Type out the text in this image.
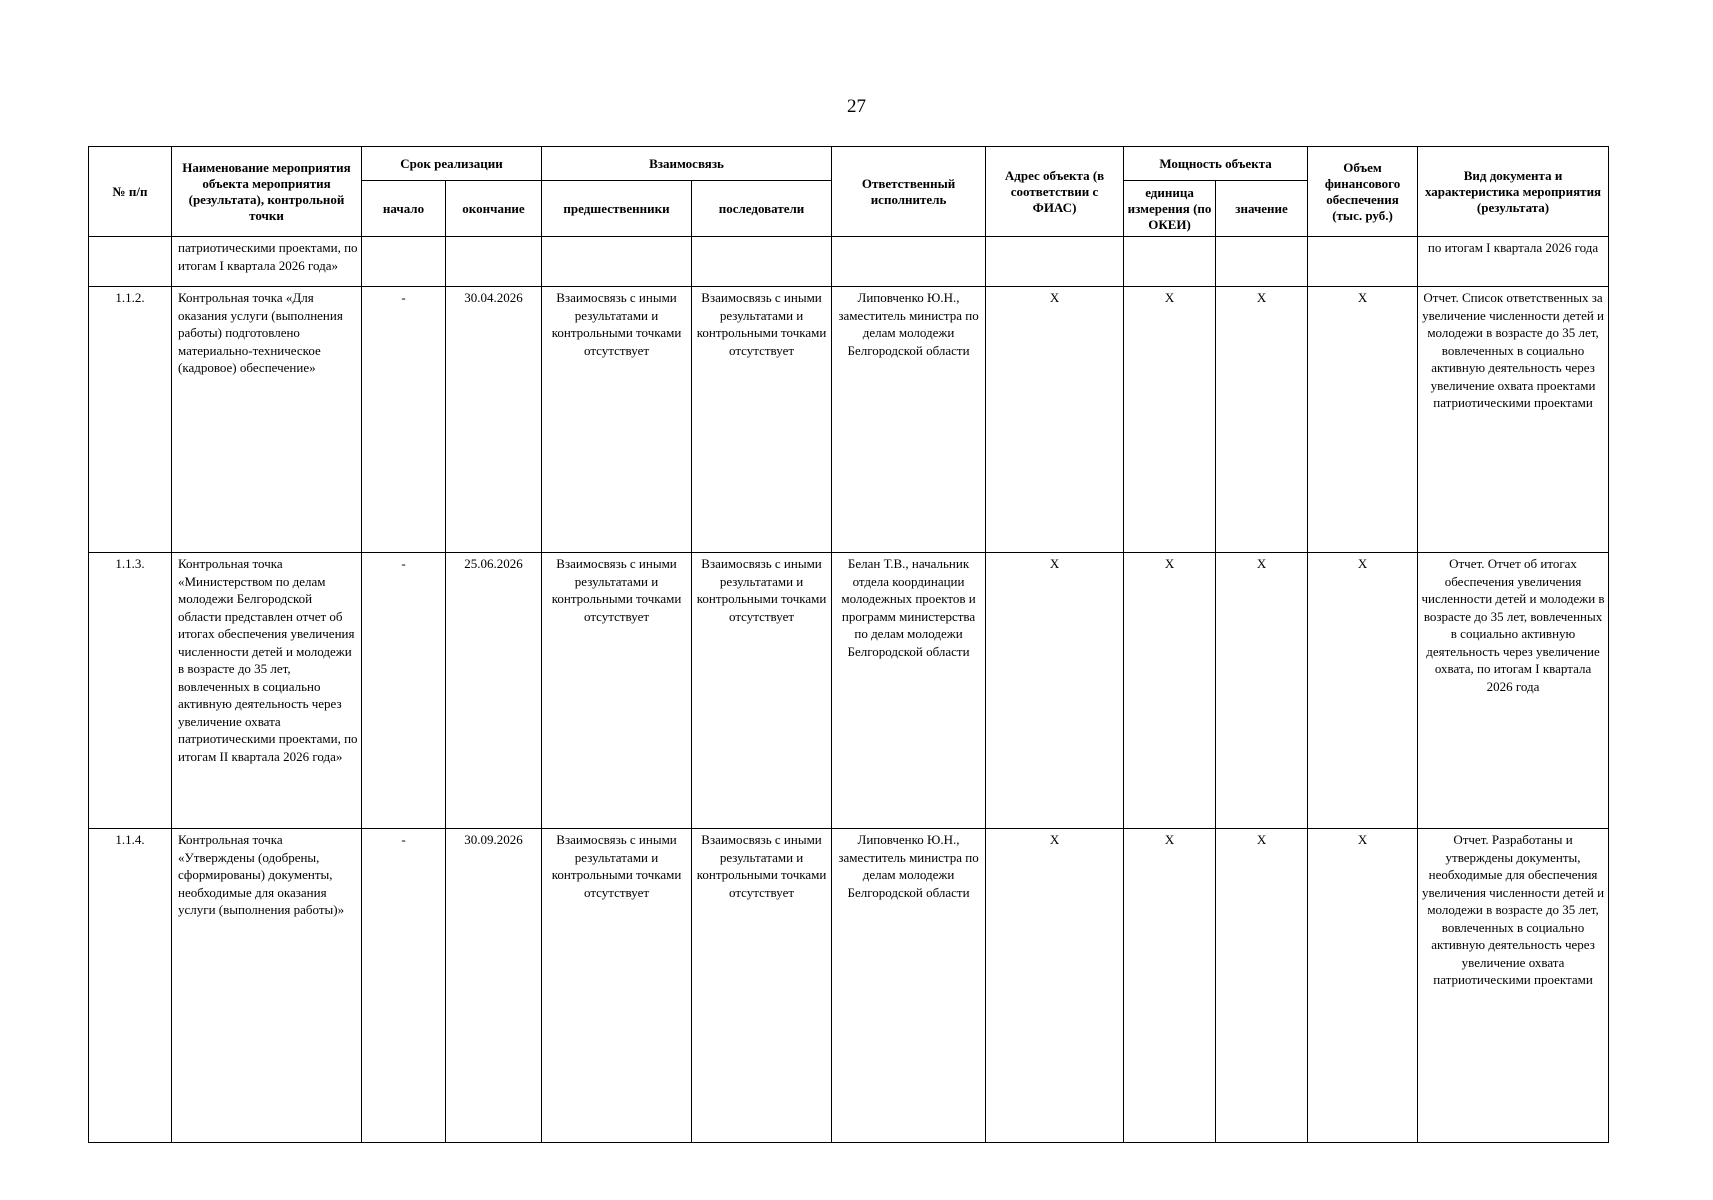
27
№ п/п	Наименование мероприятия объекта мероприятия (результата), контрольной точки	Срок реализации		Взаимосвязь		Ответственный исполнитель	Адрес объекта (в соответствии с ФИАС)	Мощность объекта		Объем финансового обеспечения (тыс. руб.)	Вид документа и характеристика мероприятия (результата)
		начало	окончание	предшественники	последователи			единица измерения (по ОКЕИ)	значение		
	патриотическими проектами, по итогам I квартала 2026 года»										по итогам I квартала 2026 года
1.1.2.	Контрольная точка «Для оказания услуги (выполнения работы) подготовлено материально-техническое (кадровое) обеспечение»	-	30.04.2026	Взаимосвязь с иными результатами и контрольными точками отсутствует	Взаимосвязь с иными результатами и контрольными точками отсутствует	Липовченко Ю.Н., заместитель министра по делам молодежи Белгородской области	X	X	X	X	Отчет. Список ответственных за увеличение численности детей и молодежи в возрасте до 35 лет, вовлеченных в социально активную деятельность через увеличение охвата проектами патриотическими проектами
1.1.3.	Контрольная точка «Министерством по делам молодежи Белгородской области представлен отчет об итогах обеспечения увеличения численности детей и молодежи в возрасте до 35 лет, вовлеченных в социально активную деятельность через увеличение охвата патриотическими проектами, по итогам II квартала 2026 года»	-	25.06.2026	Взаимосвязь с иными результатами и контрольными точками отсутствует	Взаимосвязь с иными результатами и контрольными точками отсутствует	Белан Т.В., начальник отдела координации молодежных проектов и программ министерства по делам молодежи Белгородской области	X	X	X	X	Отчет. Отчет об итогах обеспечения увеличения численности детей и молодежи в возрасте до 35 лет, вовлеченных в социально активную деятельность через увеличение охвата, по итогам I квартала 2026 года
1.1.4.	Контрольная точка «Утверждены (одобрены, сформированы) документы, необходимые для оказания услуги (выполнения работы)»	-	30.09.2026	Взаимосвязь с иными результатами и контрольными точками отсутствует	Взаимосвязь с иными результатами и контрольными точками отсутствует	Липовченко Ю.Н., заместитель министра по делам молодежи Белгородской области	X	X	X	X	Отчет. Разработаны и утверждены документы, необходимые для обеспечения увеличения численности детей и молодежи в возрасте до 35 лет, вовлеченных в социально активную деятельность через увеличение охвата патриотическими проектами
